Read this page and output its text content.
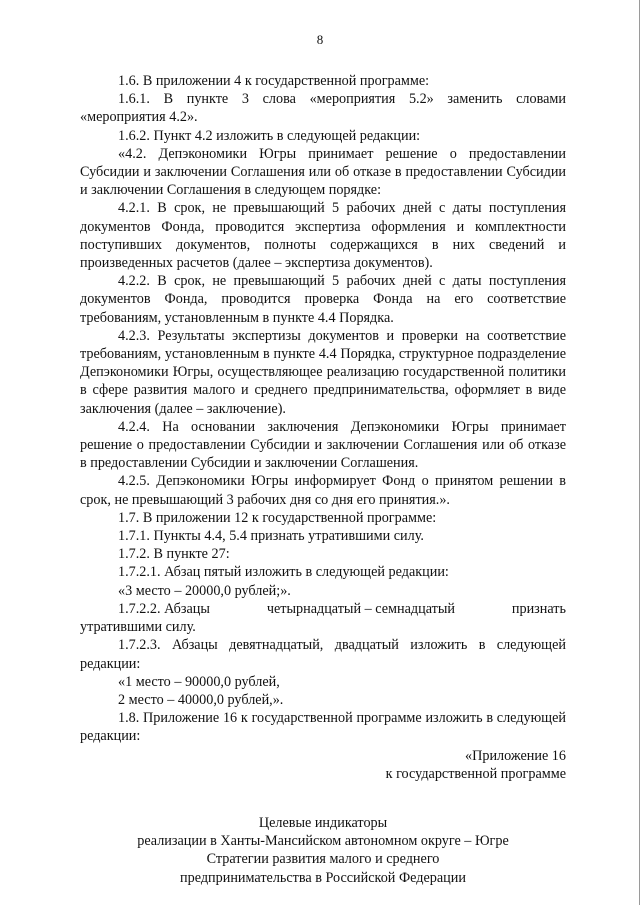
8

1.6. В приложении 4 к государственной программе:

1.6.1. В пункте 3 слова «мероприятия 5.2» заменить словами «мероприятия 4.2».

1.6.2. Пункт 4.2 изложить в следующей редакции:

«4.2. Депэкономики Югры принимает решение о предоставлении Субсидии и заключении Соглашения или об отказе в предоставлении Субсидии и заключении Соглашения в следующем порядке:

4.2.1. В срок, не превышающий 5 рабочих дней с даты поступления документов Фонда, проводится экспертиза оформления и комплектности поступивших документов, полноты содержащихся в них сведений и произведенных расчетов (далее – экспертиза документов).

4.2.2. В срок, не превышающий 5 рабочих дней с даты поступления документов Фонда, проводится проверка Фонда на его соответствие требованиям, установленным в пункте 4.4 Порядка.

4.2.3. Результаты экспертизы документов и проверки на соответствие требованиям, установленным в пункте 4.4 Порядка, структурное подразделение Депэкономики Югры, осуществляющее реализацию государственной политики в сфере развития малого и среднего предпринимательства, оформляет в виде заключения (далее – заключение).

4.2.4. На основании заключения Депэкономики Югры принимает решение о предоставлении Субсидии и заключении Соглашения или об отказе в предоставлении Субсидии и заключении Соглашения.

4.2.5. Депэкономики Югры информирует Фонд о принятом решении в срок, не превышающий 3 рабочих дня со дня его принятия.».

1.7. В приложении 12 к государственной программе:

1.7.1. Пункты 4.4, 5.4 признать утратившими силу.

1.7.2. В пункте 27:

1.7.2.1. Абзац пятый изложить в следующей редакции:

«3 место – 20000,0 рублей;».

1.7.2.2. Абзацы	четырнадцатый – семнадцатый	признать

утратившими силу.

1.7.2.3. Абзацы девятнадцатый, двадцатый изложить в следующей редакции:

«1 место – 90000,0 рублей,

2 место – 40000,0 рублей,».

1.8. Приложение 16 к государственной программе изложить в следующей редакции:

«Приложение 16
к государственной программе
Целевые индикаторы
реализации в Ханты-Мансийском автономном округе – Югре
Стратегии развития малого и среднего
предпринимательства в Российской Федерации
